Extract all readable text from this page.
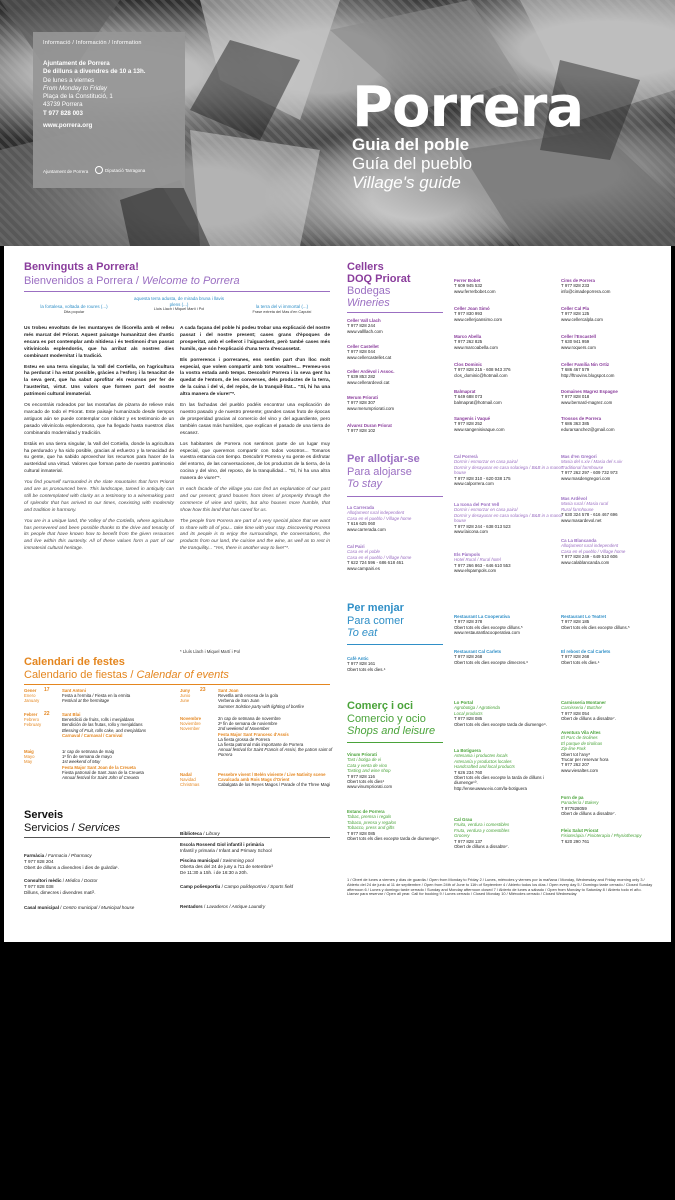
Informació / Información / Information
Ajuntament de Porrera
De dilluns a divendres de 10 a 13h.
De lunes a viernes
From Monday to Friday
Plaça de la Constitució, 1
43739 Porrera
T 977 828 003
www.porrera.org
Ajuntament de Porrera	Diputació Tarragona
Porrera
Guia del poble
Guía del pueblo
Village's guide
Benvinguts a Porrera!
Bienvenidos a Porrera / Welcome to Porrera
la fortalesa, voltada de roures (...)
Dita popular
aquesta terra adusta, de mirada bruna i llavis plens (...)
Lluís Llach i Miquel Martí i Pol
la terra del vi immortal (...)
Frase extreta del Mas d'en Caputxí

Us trobeu envoltats de les muntanyes de llicorella amb el relleu més marcat del Priorat. Aquest paisatge humanitzat des d'antic encara es pot contemplar amb nitidesa i és testimoni d'un passat vitivinícola esplendorós, que ha arribat als nostres dies combinant modernitat i la tradició.

Esteu en una terra singular, la Vall del Cortiella, on l'agricultura ha perdurat i ha estat possible, gràcies a l'esforç i la tenacitat de la seva gent, que ha sabut aprofitar els recursos per fer de l'austeritat, virtut. Uns valors que formen part del nostre patrimoni cultural immaterial.

Os encontráis rodeados por las montañas de pizarra de relieve más marcado de todo el Priorat. Este paisaje humanizado desde tiempos antiguos aún se puede contemplar con nitidez y es testimonio de un pasado vitivinícola esplendoroso, que ha llegado hasta nuestros días combinando modernidad y tradición.

Estáis en una tierra singular, la Vall del Cortiella, donde la agricultura ha perdurado y ha sido posible, gracias al esfuerzo y la tenacidad de su gente, que ha sabido aprovechar los recursos para hacer de la austeridad una virtud. Valores que forman parte de nuestro patrimonio cultural inmaterial.

You find yourself surrounded in the slate mountains that form Priorat and are as pronounced here. This landscape, tamed in antiquity can still be contemplated with clarity as a testimony to a winemaking past of splendor that has arrived to our times, coexisting with modernity and tradition in harmony.

You are in a unique land, the Valley of the Cortiella, where agriculture has persevered and been possible thanks to the drive and tenacity of its people that have known how to benefit from the given resources and live within this austerity. All of these values form a part of our immaterial cultural heritage.

A cada façana del poble hi podeu trobar una explicació del nostre passat i del nostre present; cases grans d'èpoques de prosperitat, amb el cellerot i l'aiguardent, però també cases més humils, que són l'explicació d'una terra d'escassetat.

Els porrerencs i porreranes, ens sentim part d'un lloc molt especial, que volem compartir amb tots vosaltres... Premeu-vos la vostra estada amb temps. Descobrir Porrera i la seva gent ha quedat de l'entorn, de les converses, dels productes de la terra, de la cuina i del vi, del repòs, de la tranquil·litat... "Sí, hi ha una altra manera de viure!"*.

En las fachadas del pueblo podéis encontrar una explicación de nuestro pasado y de nuestro presente; grandes casas fruto de épocas de prosperidad gracias al comercio del vino y del aguardiente, pero también casas más humildes, que explican el pasado de una tierra de escasez.

Los habitantes de Porrera nos sentimos parte de un lugar muy especial, que queremos compartir con todos vosotros... Tomaros vuestra estancia con tiempo. Descubrir Porrera y su gente es disfrutar del entorno, de las conversaciones, de los productos de la tierra, de la cocina y del vino, del reposo, de la tranquilidad... "Sí, hi ha una altra manera de viure!"*.

In each facade of the village you can find an explanation of our past and our present; grand houses from times of prosperity through the commerce of wine and spirits, but also houses more humble, that show how this land that has cared for us.

The people from Porrera are part of a very special place that we want to share with all of you... take time with your stay. Discovering Porrera and its people is to enjoy the surroundings, the conversations, the products from our land, the cuisine and the wine, as well as to rest in the tranquility... "Yes, there is another way to live!"*.

* Lluís Llach i Miquel Martí i Pol
Calendari de festes
Calendario de fiestas / Calendar of events
Gener
Enero
January
17	Sant Antoni
Festa a l'ermita / Fiesta en la ermita
Festival at the hermitage
Febrer
Febrero
February
22	Sant Blai
Beneïdició de fruits, rolls i menjaldans
Bendición de las frutas, rollo y menjaldans
Blessing of Fruit, rolls cake, and menjaldans
Carnaval / Carnaval / Carnival
Maig
Mayo
May
1r cap de setmana de maig
1º fin de semana de mayo
1st weekend of May
Festa Major Sant Joan de la Creueta
Fiesta patronal de Sant Joan de la Creueta
Annual festival for Saint John of Creueta
Juny
Junio
June
23	Sant Joan
Revetlla amb encesa de la gola
Verbena de San Juan
Summer Solstice party with lighting of bonfire
Novembre
Noviembre
November
2n cap de setmana de novembre
2º fin de semana de noviembre
2nd weekend of November
Festa Major Sant Francesc d'Assís
La fiesta grossa de Porrera
La fiesta patronal más importante de Porrera
Annual festival for Saint Francis of Assisi, the patron saint of Porrera
Nadal
Navidad
Christmas
Pessebre vivent / Belén viviente / Live Nativity scene
Cavalcada amb Rois Mags d'Orient
Cabalgata de los Reyes Magos / Parade of the Three Magi
Serveis
Servicios / Services
Farmàcia / Farmacia / Pharmacy
T 977 828 204
Obert de dilluns a divendres i dies de guàrdia¹.
Consultori mèdic / Médico / Doctor
T 977 828 038
Dilluns, dimecres i divendres matí².
Casal municipal / Centro municipal / Municipal house
Biblioteca / Library
Escola Rossend Giol infantil i primària
Infantil y primaria / Infant and Primary School
Piscina municipal / Swimming pool
Oberta des del 24 de juny a l'11 de setembre³
De 11:30 a 15h. i de 16:30 a 20h.
Camp poliesportiu / Campo polideportivo / Sports field
Rentadors / Lavaderos / Antique Laundry
Cellers
DOQ Priorat
Bodegas
Wineries
Celler Vall Llach
T 977 828 244
www.vallllach.com
Celler Castellet
T 977 828 044
www.cellercastellet.cat
Celler Ardèvol i Assoc.
T 639 853 282
www.cellerardevol.cat
Merum Priorati
T 977 828 307
www.merumpriorati.com
Alvarez Duran Priorat
T 977 828 102
Ferrer Bobet
T 609 945 532
www.ferrerbobet.com
Celler Joan Simó
T 977 830 993
www.cellerjoansimo.com
Marco Abella
T 977 262 825
www.marcoabella.com
Clos Dominic
T 977 828 215 - 608 943 376
clos_dominic@hotmail.com
Balmaprat
T 649 688 073
balmaprat@hotmail.com
Sangenís i Vaqué
T 977 828 252
www.sangenisivaque.com
Cims de Porrera
T 977 828 233
info@cimadeporrera.com
Celler Cal Pla
T 977 828 125
www.cellercalpla.com
Celler l'Encastell
T 630 941 959
www.roquers.com
Celler Família Nin Ortiz
T 686 467 579
http://ftnovins.blogspot.com
Domaines Magrez Espagne
T 977 828 018
www.bernard-magrez.com
Trossos de Porrera
T 686 363 385
edurarsanchez@gmail.com
Per allotjar-se
Para alojarse
To stay
La Carrerada
Allotjament rural independent
Casa en el pueblo / Village home
T 616 625 060
www.carrerada.com
Cal Pairi
Casa en el poble
Casa en el pueblo / Village home
T 622 724 596 - 686 618 461
www.campairi.es
Cal Porrerà
Dormir i esmorzar en casa pairal
Dormir y desayunar en casa solariega / B&B in a manor house
T 977 828 310 - 620 038 175
www.calporrera.com
La Icona del Pont Vell
Dormir i esmorzar en casa pairal
Dormir y desayunar en casa solariega / B&B in a manor house
T 977 828 244 - 638 013 523
www.laicona.com
Els Pàmpols
Hotel Rural / Rural hotel
T 977 266 863 - 646 610 553
www.elspampols.com
Mas d'en Gregori
Masia del s.xiv / Masia del s.xiv
Traditional farmhouse
T 977 262 297 - 609 732 973
www.masdengregori.com
Mas Ardèvol
Masia rural / Masia rural
Rural farmhouse
T 630 324 578 - 616 467 696
www.masardevol.net
Ca La Blancanda
Allotjament rural independent
Casa en el pueblo / Village home
T 977 828 249 - 649 510 606
www.calablancanda.com
Per menjar
Para comer
To eat
Cafè Antic
T 977 828 161
Obert tots els dies.⁴
Restaurant La Cooperativa
T 977 828 378
Obert tots els dies excepte dilluns.⁵
www.restaurantlacooperativa.com
Restaurant Cal Carlets
T 977 828 268
Obert tots els dies excepte dimecres.⁶
Restaurant Lo Teatret
T 977 828 185
Obert tots els dies excepte dilluns.⁵
El rebost de Cal Carlets
T 977 828 268
Obert tots els dies.⁴
Comerç i oci
Comercio y ocio
Shops and leisure
Vinum Priorati
Tast i botiga de vi
Cata y venta de vino
Tasting and wine shop
T 977 828 116
Obert tots els dies⁴
www.vinumpriorati.com
Estanc de Porrera
Tabac, premsa i regals
Tabaco, prensa y regalos
Tobacco, press and gifts
T 977 828 085
Obert tots els dies excepte tarda de diumenge⁹.
Lo Portal
Agrobotiga / Agrotienda
Local products
T 977 828 085
Obert tots els dies excepte tarda de diumenge⁹.
La Botiguera
Artesania i productes locals
Artesanía y productos locales
Handcrafted and local products
T 626 234 760
Obert tots els dies excepte la tarda de dilluns i diumenge¹⁰.
http://enseuwww.eix.com/la-botiguera
Cal Grau
Fruita, verdura i comestibles
Fruta, verdura y comestibles
Grocery
T 977 828 137
Obert de dilluns a dissabte⁷.
Carnisseria Montaner
Carnisseria / Butcher
T 977 828 054
Obert de dilluns a dissabte⁷.
Aventura Vila Altes
El Parc de tirolines
El parque de tirolinas
Zip-line Park
Obert tot l'any⁸
Trucar per reservar hora
T 977 262 207
www.viesaltes.com
Forn de pa
Panadería / Bakery
T 977828059
Obert de dilluns a dissabte⁷.
Fleix Salut Priorat
Fisioteràpia / Fisioterapia / Physiotherapy
T 620 290 761
1 / Obert de lunes a viernes y días de guardia / Open from Monday to Friday 2 / Lunes, miércoles y viernes por la mañana / Monday, Wednesday and Friday morning only 3 / Abierto del 24 de junio al 11 de septiembre / Open from 24th of June to 11th of September 4 / Abierto todos los días / Open every day 5 / Domingo tarde cerrado / Closed Sunday afternoon 6 / Lunes y domingo tarde cerrado / Sunday and Monday afternoon closed 7 / Abierto de lunes a sábado / Open from Monday to Saturday 8 / Abierto todo el año. Llamar para reservar / Open all year. Call for booking 9 / Lunes cerrado / Closed Monday 10 / Miércoles cerrado / Closed Wednesday
